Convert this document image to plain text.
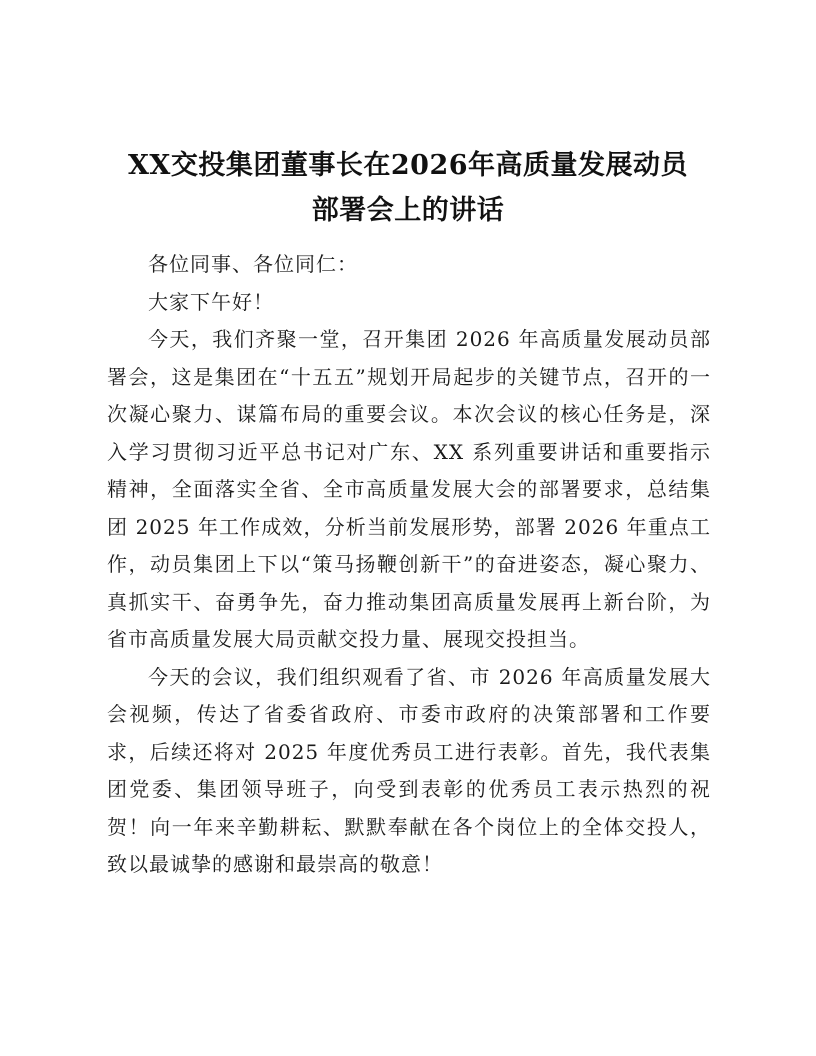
XX交投集团董事长在2026年高质量发展动员
部署会上的讲话

各位同事、各位同仁：

大家下午好！

今天，我们齐聚一堂，召开集团 2026 年高质量发展动员部署会，这是集团在“十五五”规划开局起步的关键节点，召开的一次凝心聚力、谋篇布局的重要会议。本次会议的核心任务是，深入学习贯彻习近平总书记对广东、XX 系列重要讲话和重要指示精神，全面落实全省、全市高质量发展大会的部署要求，总结集团 2025 年工作成效，分析当前发展形势，部署 2026 年重点工作，动员集团上下以“策马扬鞭创新干”的奋进姿态，凝心聚力、真抓实干、奋勇争先，奋力推动集团高质量发展再上新台阶，为省市高质量发展大局贡献交投力量、展现交投担当。

今天的会议，我们组织观看了省、市 2026 年高质量发展大会视频，传达了省委省政府、市委市政府的决策部署和工作要求，后续还将对 2025 年度优秀员工进行表彰。首先，我代表集团党委、集团领导班子，向受到表彰的优秀员工表示热烈的祝贺！向一年来辛勤耕耘、默默奉献在各个岗位上的全体交投人，致以最诚挚的感谢和最崇高的敬意！
